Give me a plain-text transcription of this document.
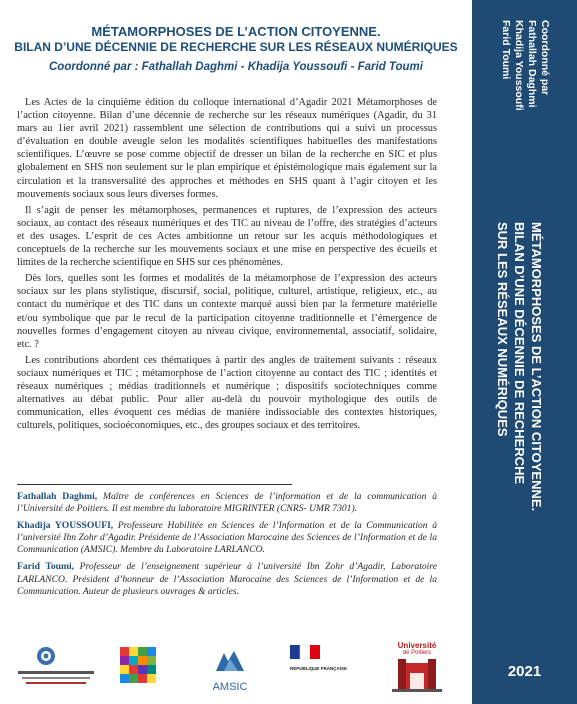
MÉTAMORPHOSES DE L’ACTION CITOYENNE.
BILAN D’UNE DÉCENNIE DE RECHERCHE SUR LES RÉSEAUX NUMÉRIQUES
Coordonné par : Fathallah Daghmi - Khadija Youssoufi - Farid Toumi

Les Actes de la cinquième édition du colloque international d’Agadir 2021 Métamorphoses de l’action citoyenne. Bilan d’une décennie de recherche sur les réseaux numériques (Agadir, du 31 mars au 1ier avril 2021) rassemblent une sélection de contributions qui a suivi un processus d’évaluation en double aveugle selon les modalités scientifiques habituelles des manifestations scientifiques. L’œuvre se pose comme objectif de dresser un bilan de la recherche en SIC et plus globalement en SHS non seulement sur le plan empirique et épistémologique mais également sur la circulation et la transversalité des approches et méthodes en SHS quant à l’agir citoyen et les mouvements sociaux sous leurs diverses formes.

Il s’agit de penser les métamorphoses, permanences et ruptures, de l’expression des acteurs sociaux, au contact des réseaux numériques et des TIC au niveau de l’offre, des stratégies d’acteurs et des usages. L’esprit de ces Actes ambitionne un retour sur les acquis méthodologiques et conceptuels de la recherche sur les mouvements sociaux et une mise en perspective des écueils et limites de la recherche scientifique en SHS sur ces phénomènes.

Dès lors, quelles sont les formes et modalités de la métamorphose de l’expression des acteurs sociaux sur les plans stylistique, discursif, social, politique, culturel, artistique, religieux, etc., au contact du numérique et des TIC dans un contexte marqué aussi bien par la fermeture matérielle et/ou symbolique que par le recul de la participation citoyenne traditionnelle et l’émergence de nouvelles formes d’engagement citoyen au niveau civique, environnemental, associatif, solidaire, etc. ?

Les contributions abordent ces thématiques à partir des angles de traitement suivants : réseaux sociaux numériques et TIC ; métamorphose de l’action citoyenne au contact des TIC ; identités et réseaux numériques ; médias traditionnels et numérique ; dispositifs sociotechniques comme alternatives au débat public. Pour aller au-delà du pouvoir mythologique des outils de communication, elles évoquent ces médias de manière indissociable des contextes historiques, culturels, politiques, socioéconomiques, etc., des groupes sociaux et des territoires.

Fathallah Daghmi, Maître de conférences en Sciences de l’information et de la communication à l’Université de Poitiers. Il est membre du laboratoire MIGRINTER (CNRS- UMR 7301).

Khadija YOUSSOUFI, Professeure Habilitée en Sciences de l’Information et de la Communication à l’université Ibn Zohr d’Agadir. Présidente de l’Association Marocaine des Sciences de l’Information et de la Communication (AMSIC). Membre du Laboratoire LARLANCO.

Farid Toumi, Professeur de l’enseignement supérieur à l’université Ibn Zohr d’Agadir, Laboratoire LARLANCO. Président d’honneur de l’Association Marocaine des Sciences de l’Information et de la Communication. Auteur de plusieurs ouvrages & articles.

AMSIC
RÉPUBLIQUE FRANÇAISE
Université
de Poitiers
Coordonné par
Fathallah Daghmi
Khadija Youssoufi
Farid Toumi
MÉTAMORPHOSES DE L’ACTION CITOYENNE.
BILAN D’UNE DÉCENNIE DE RECHERCHE
SUR LES RÉSEAUX NUMÉRIQUES
2021
